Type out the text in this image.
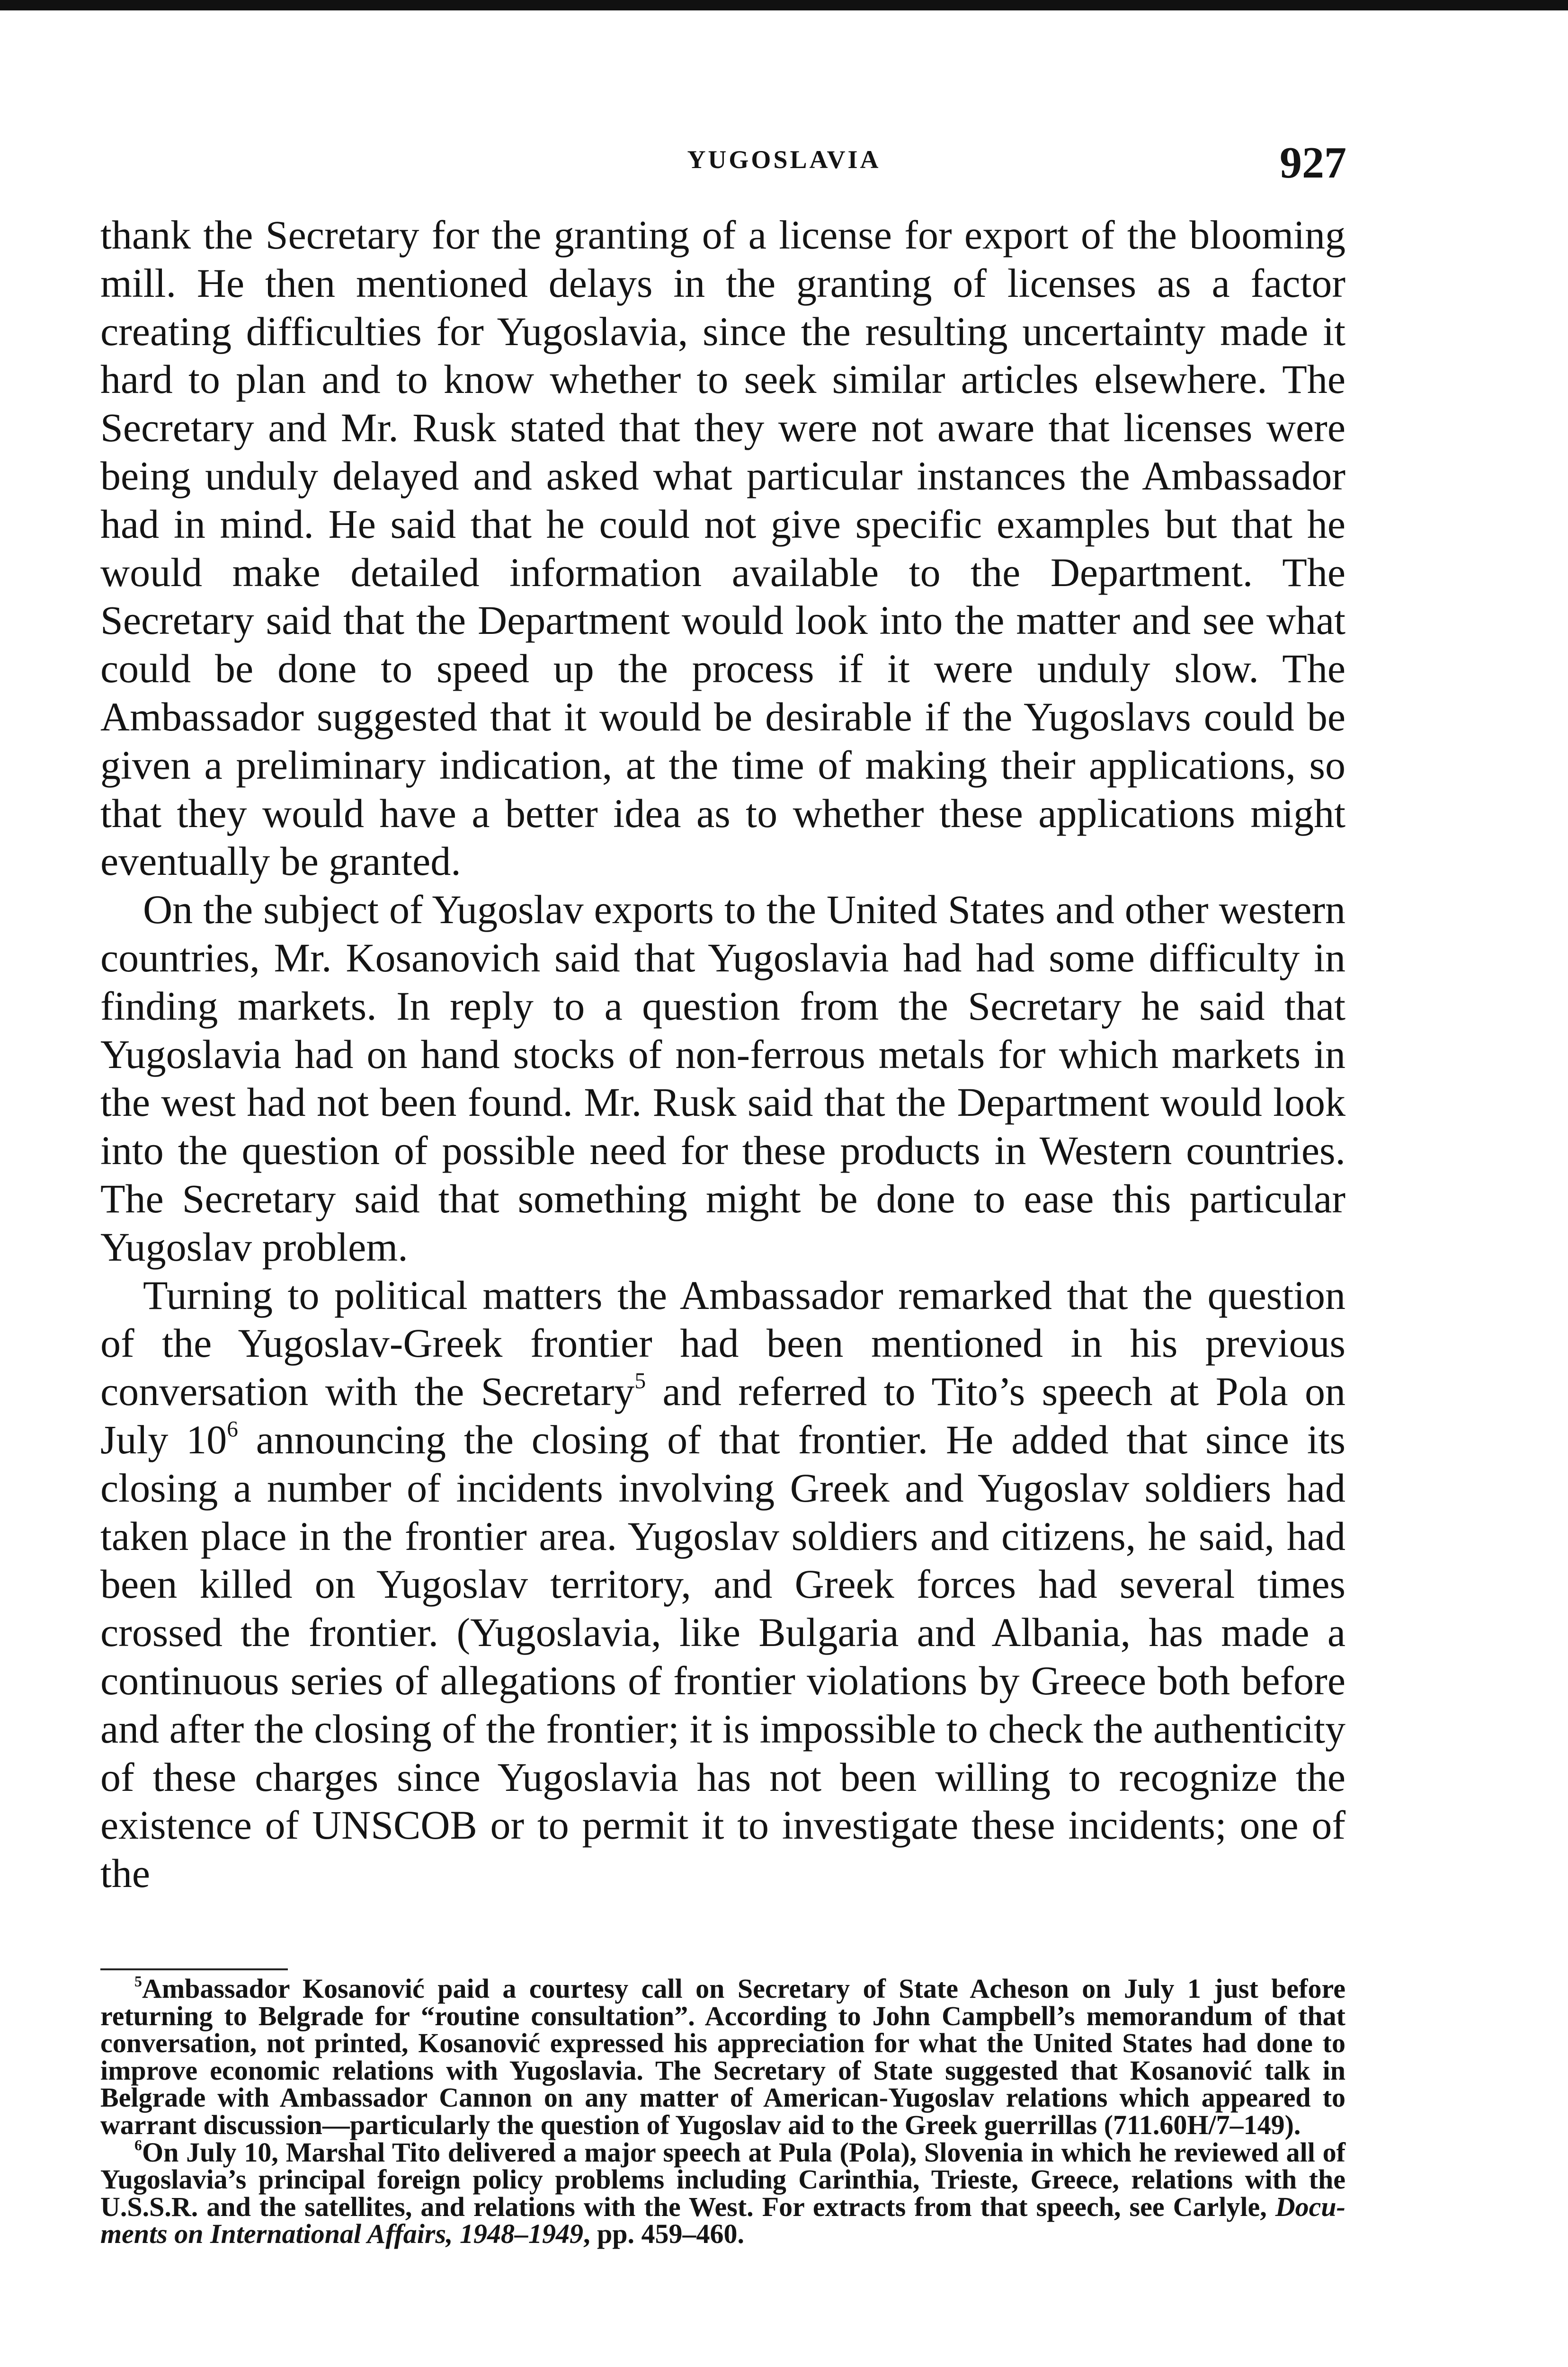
YUGOSLAVIA	927

thank the Secretary for the granting of a license for export of the blooming mill. He then mentioned delays in the granting of licenses as a factor creating difficulties for Yugoslavia, since the resulting uncertainty made it hard to plan and to know whether to seek similar articles elsewhere. The Secretary and Mr. Rusk stated that they were not aware that licenses were being unduly delayed and asked what particular instances the Ambassador had in mind. He said that he could not give specific examples but that he would make detailed information available to the Department. The Secretary said that the Department would look into the matter and see what could be done to speed up the process if it were unduly slow. The Ambassador suggested that it would be desirable if the Yugoslavs could be given a preliminary indication, at the time of making their applications, so that they would have a better idea as to whether these applications might eventually be granted.

On the subject of Yugoslav exports to the United States and other western countries, Mr. Kosanovich said that Yugoslavia had had some difficulty in finding markets. In reply to a question from the Secretary he said that Yugoslavia had on hand stocks of non-ferrous metals for which markets in the west had not been found. Mr. Rusk said that the Department would look into the question of possible need for these products in Western countries. The Secretary said that something might be done to ease this particular Yugoslav problem.

Turning to political matters the Ambassador remarked that the question of the Yugoslav-Greek frontier had been mentioned in his previous conversation with the Secretary$^5$ and referred to Tito’s speech at Pola on July $10^6$ announcing the closing of that frontier. He added that since its closing a number of incidents involving Greek and Yugoslav soldiers had taken place in the frontier area. Yugoslav soldiers and citizens, he said, had been killed on Yugoslav territory, and Greek forces had several times crossed the frontier. (Yugoslavia, like Bulgaria and Albania, has made a continuous series of allegations of frontier violations by Greece both before and after the closing of the frontier; it is impossible to check the authenticity of these charges since Yugoslavia has not been willing to recognize the existence of UNSCOB or to permit it to investigate these incidents; one of the

$^5$Ambassador Kosanović paid a courtesy call on Secretary of State Acheson on July 1 just before returning to Belgrade for “routine consultation”. According to John Campbell’s memorandum of that conversation, not printed, Kosanović expressed his appreciation for what the United States had done to improve economic relations with Yugoslavia. The Secretary of State suggested that Kosanović talk in Belgrade with Ambassador Cannon on any matter of American-Yugoslav relations which appeared to warrant discussion—particularly the question of Yugoslav aid to the Greek guerrillas (711.60H/7–149).

$^6$On July 10, Marshal Tito delivered a major speech at Pula (Pola), Slovenia in which he reviewed all of Yugoslavia’s principal foreign policy problems including Carinthia, Trieste, Greece, relations with the U.S.S.R. and the satellites, and relations with the West. For extracts from that speech, see Carlyle, Documents on International Affairs, 1948–1949, pp. 459–460.
